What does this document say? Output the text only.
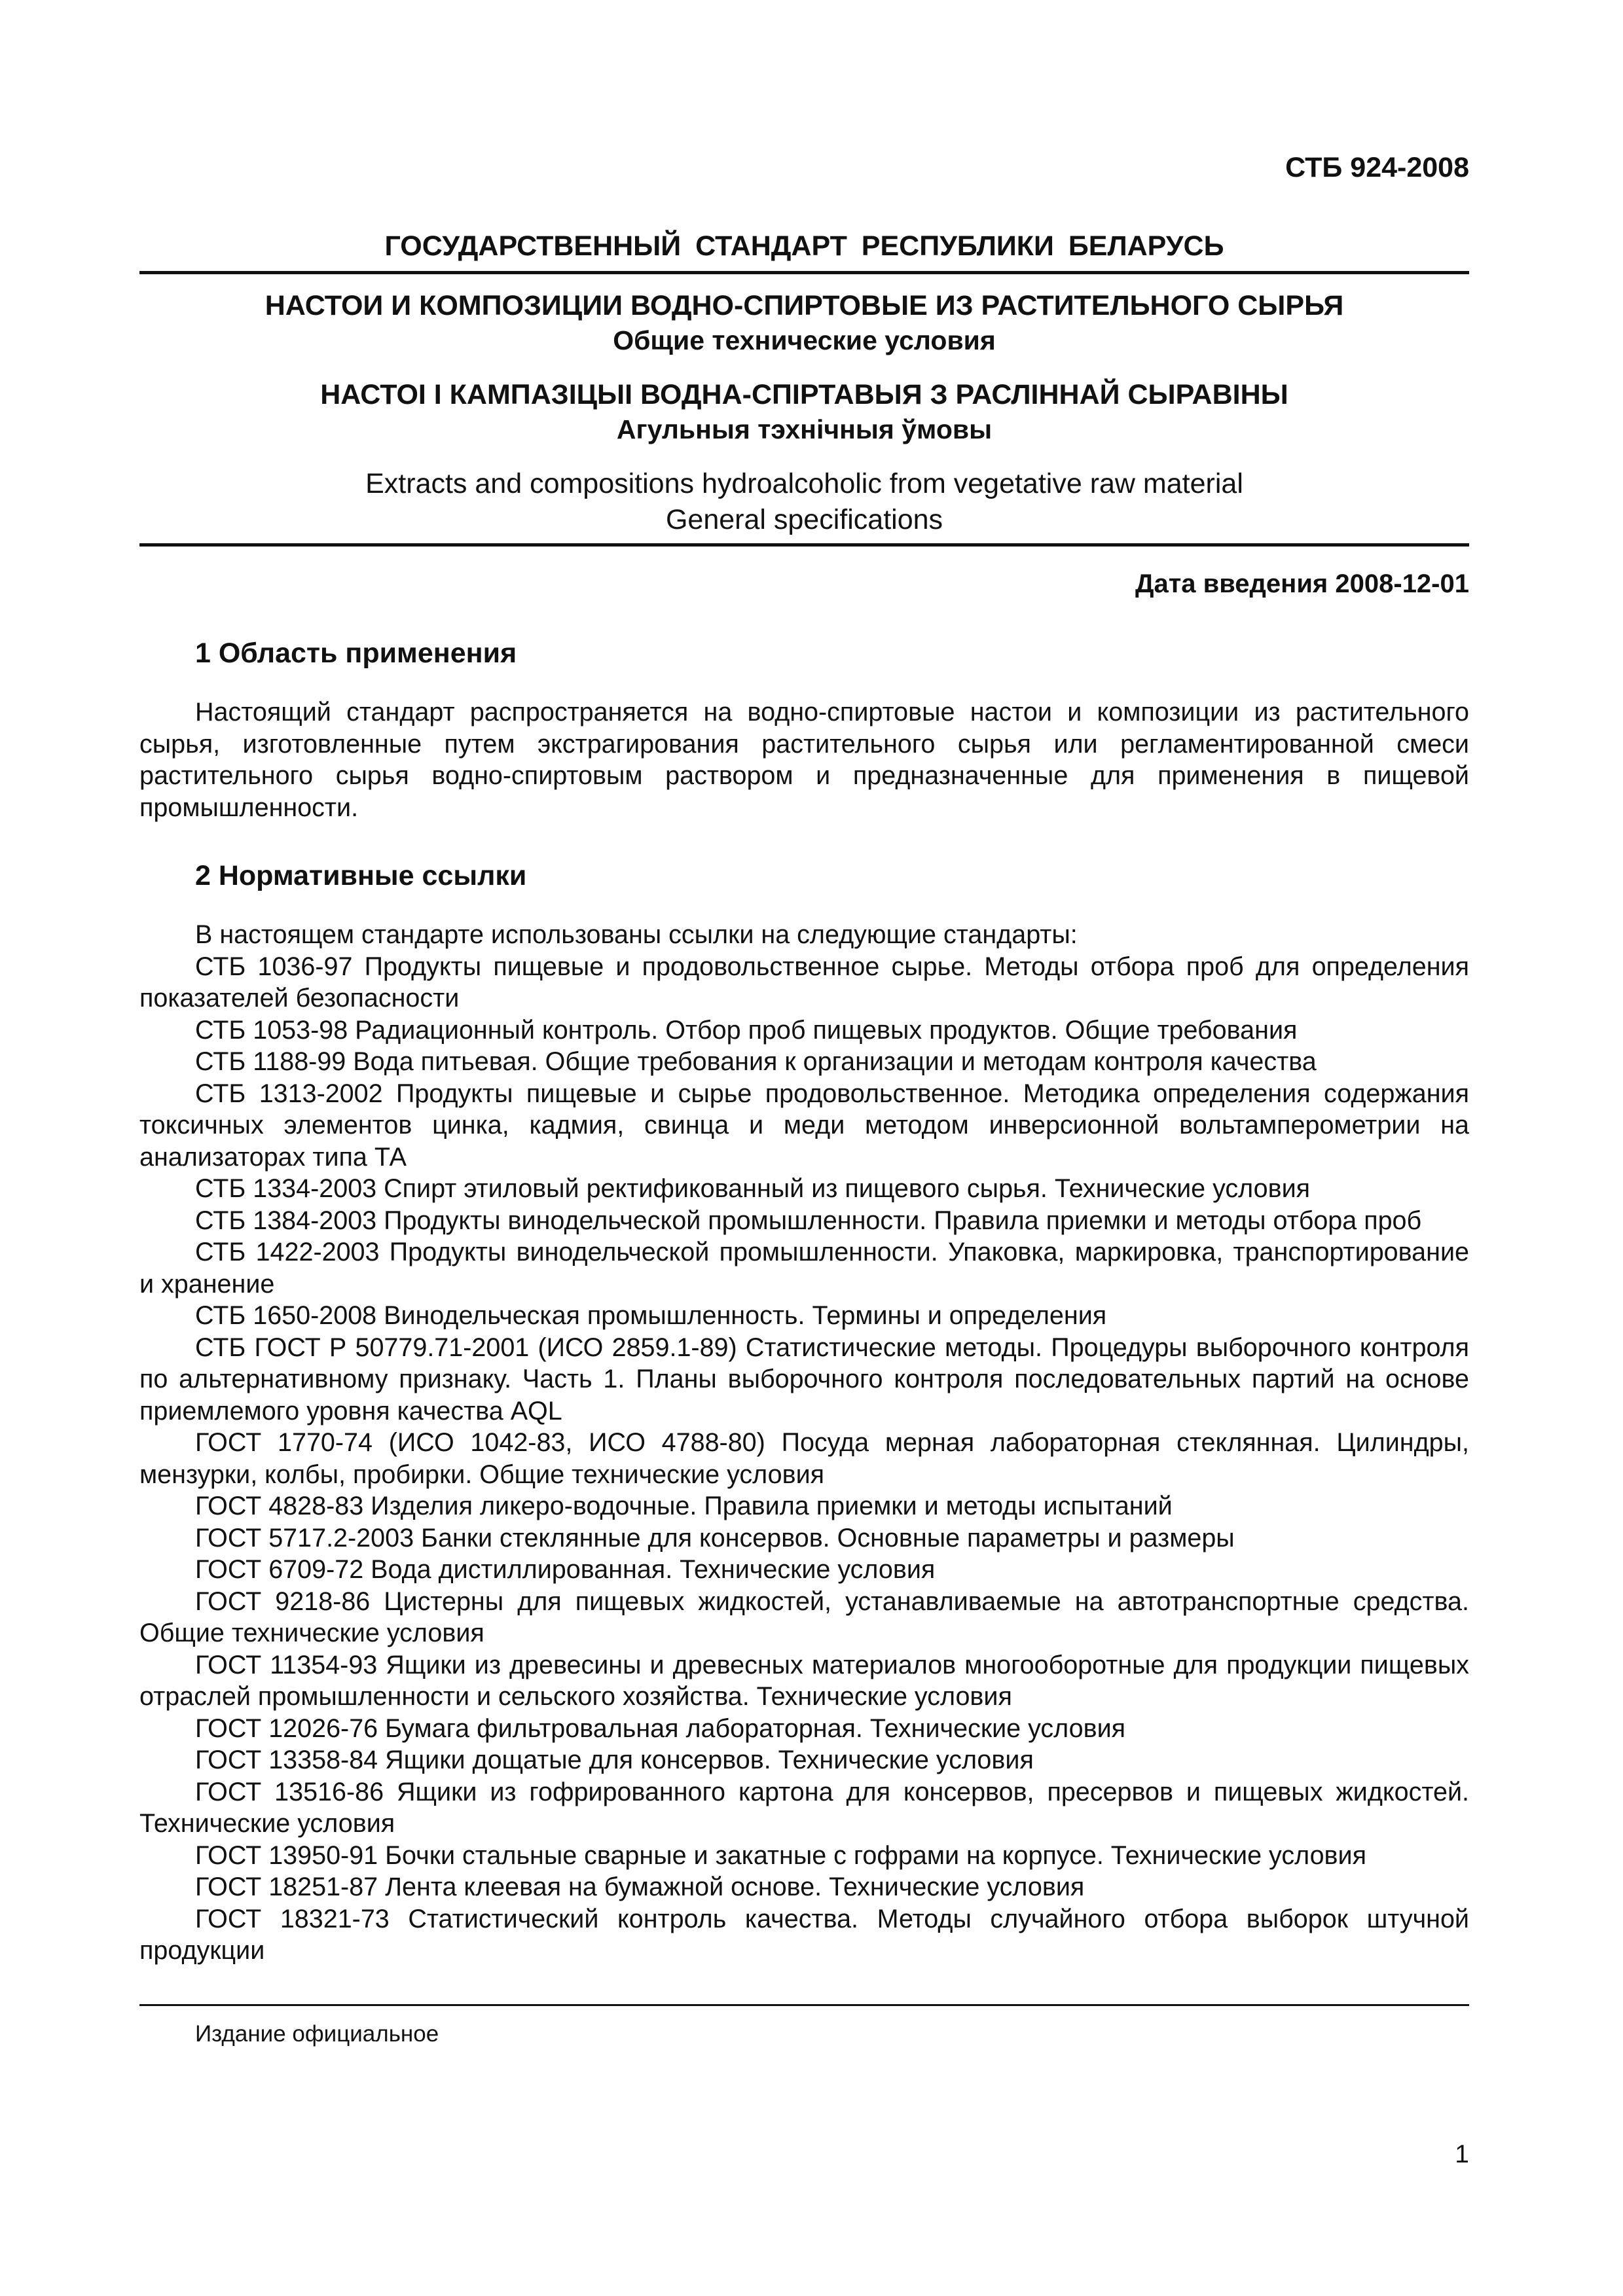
СТБ 924-2008
ГОСУДАРСТВЕННЫЙ СТАНДАРТ РЕСПУБЛИКИ БЕЛАРУСЬ

НАСТОИ И КОМПОЗИЦИИ ВОДНО-СПИРТОВЫЕ ИЗ РАСТИТЕЛЬНОГО СЫРЬЯ

Общие технические условия

НАСТОІ І КАМПАЗІЦЫІ ВОДНА-СПІРТАВЫЯ З РАСЛІННАЙ СЫРАВІНЫ

Агульныя тэхнічныя ўмовы

Extracts and compositions hydroalcoholic from vegetative raw material

General specifications

Дата введения 2008-12-01
1 Область применения

Настоящий стандарт распространяется на водно-спиртовые настои и композиции из растительного сырья, изготовленные путем экстрагирования растительного сырья или регламентированной смеси растительного сырья водно-спиртовым раствором и предназначенные для применения в пищевой промышленности.

2 Нормативные ссылки

В настоящем стандарте использованы ссылки на следующие стандарты:

СТБ 1036-97 Продукты пищевые и продовольственное сырье. Методы отбора проб для определения показателей безопасности

СТБ 1053-98 Радиационный контроль. Отбор проб пищевых продуктов. Общие требования

СТБ 1188-99 Вода питьевая. Общие требования к организации и методам контроля качества

СТБ 1313-2002 Продукты пищевые и сырье продовольственное. Методика определения содержания токсичных элементов цинка, кадмия, свинца и меди методом инверсионной вольтамперометрии на анализаторах типа ТА

СТБ 1334-2003 Спирт этиловый ректификованный из пищевого сырья. Технические условия

СТБ 1384-2003 Продукты винодельческой промышленности. Правила приемки и методы отбора проб

СТБ 1422-2003 Продукты винодельческой промышленности. Упаковка, маркировка, транспортирование и хранение

СТБ 1650-2008 Винодельческая промышленность. Термины и определения

СТБ ГОСТ Р 50779.71-2001 (ИСО 2859.1-89) Статистические методы. Процедуры выборочного контроля по альтернативному признаку. Часть 1. Планы выборочного контроля последовательных партий на основе приемлемого уровня качества AQL

ГОСТ 1770-74 (ИСО 1042-83, ИСО 4788-80) Посуда мерная лабораторная стеклянная. Цилиндры, мензурки, колбы, пробирки. Общие технические условия

ГОСТ 4828-83 Изделия ликеро-водочные. Правила приемки и методы испытаний

ГОСТ 5717.2-2003 Банки стеклянные для консервов. Основные параметры и размеры

ГОСТ 6709-72 Вода дистиллированная. Технические условия

ГОСТ 9218-86 Цистерны для пищевых жидкостей, устанавливаемые на автотранспортные средства. Общие технические условия

ГОСТ 11354-93 Ящики из древесины и древесных материалов многооборотные для продукции пищевых отраслей промышленности и сельского хозяйства. Технические условия

ГОСТ 12026-76 Бумага фильтровальная лабораторная. Технические условия

ГОСТ 13358-84 Ящики дощатые для консервов. Технические условия

ГОСТ 13516-86 Ящики из гофрированного картона для консервов, пресервов и пищевых жидкостей. Технические условия

ГОСТ 13950-91 Бочки стальные сварные и закатные с гофрами на корпусе. Технические условия

ГОСТ 18251-87 Лента клеевая на бумажной основе. Технические условия

ГОСТ 18321-73 Статистический контроль качества. Методы случайного отбора выборок штучной продукции

Издание официальное
1
